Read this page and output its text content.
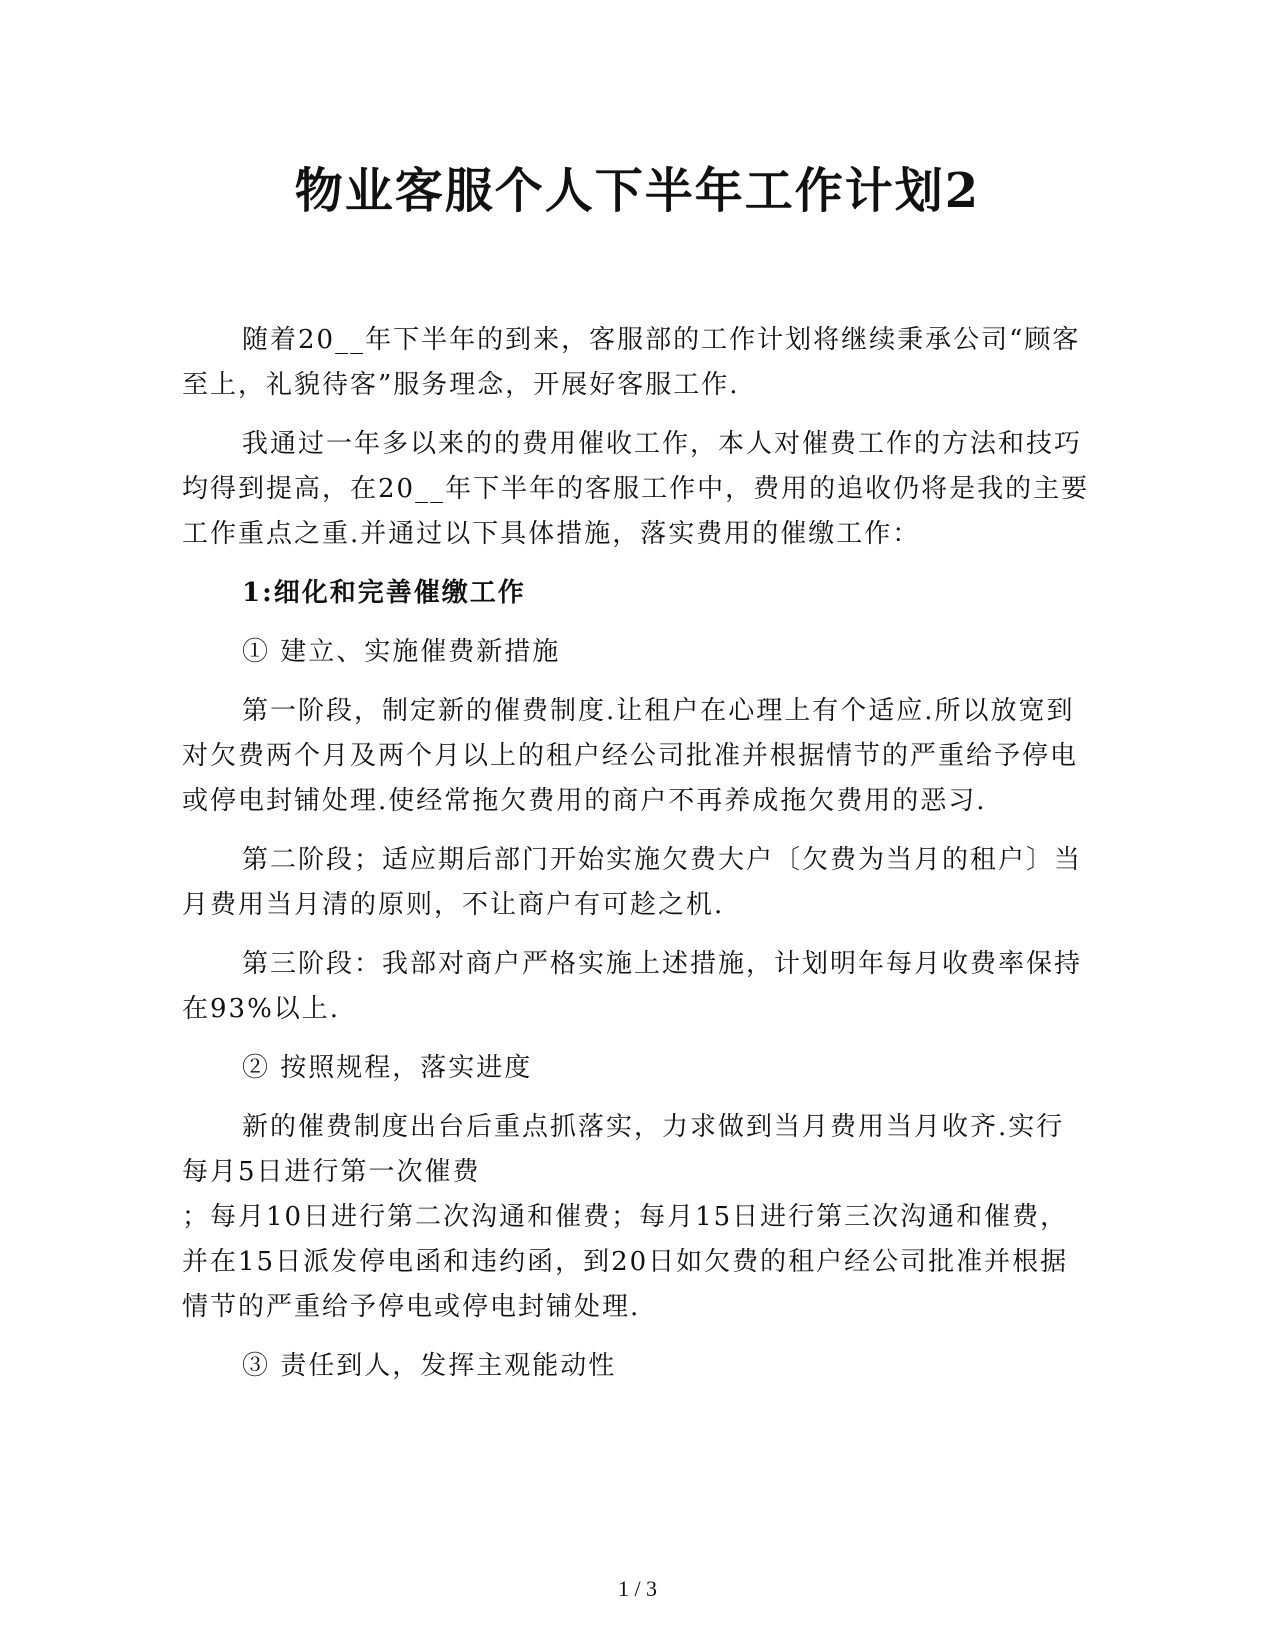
物业客服个人下半年工作计划2

随着20__年下半年的到来，客服部的工作计划将继续秉承公司“顾客至上，礼貌待客”服务理念，开展好客服工作.

我通过一年多以来的的费用催收工作，本人对催费工作的方法和技巧均得到提高，在20__年下半年的客服工作中，费用的追收仍将是我的主要工作重点之重.并通过以下具体措施，落实费用的催缴工作：

1:细化和完善催缴工作

① 建立、实施催费新措施

第一阶段，制定新的催费制度.让租户在心理上有个适应.所以放宽到对欠费两个月及两个月以上的租户经公司批准并根据情节的严重给予停电或停电封铺处理.使经常拖欠费用的商户不再养成拖欠费用的恶习.

第二阶段；适应期后部门开始实施欠费大户〔欠费为当月的租户〕当月费用当月清的原则，不让商户有可趁之机.

第三阶段：我部对商户严格实施上述措施，计划明年每月收费率保持在93%以上.

② 按照规程，落实进度

新的催费制度出台后重点抓落实，力求做到当月费用当月收齐.实行每月5日进行第一次催费

；每月10日进行第二次沟通和催费；每月15日进行第三次沟通和催费，并在15日派发停电函和违约函，到20日如欠费的租户经公司批准并根据情节的严重给予停电或停电封铺处理.

③ 责任到人，发挥主观能动性

1 / 3
